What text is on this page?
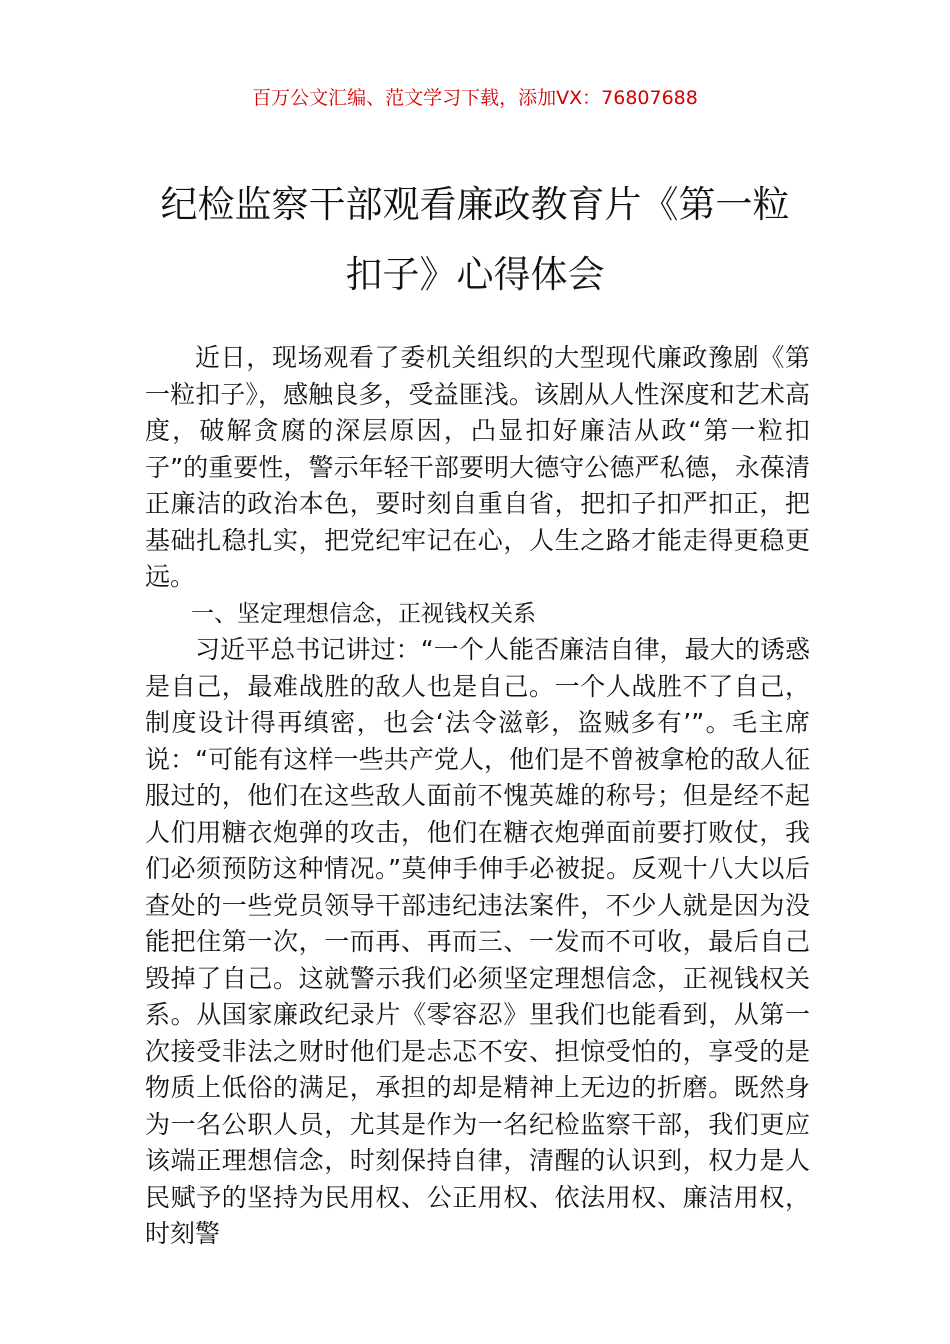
百万公文汇编、范文学习下载，添加VX：76807688
纪检监察干部观看廉政教育片《第一粒扣子》心得体会

近日，现场观看了委机关组织的大型现代廉政豫剧《第一粒扣子》，感触良多，受益匪浅。该剧从人性深度和艺术高度，破解贪腐的深层原因，凸显扣好廉洁从政“第一粒扣子”的重要性，警示年轻干部要明大德守公德严私德，永葆清正廉洁的政治本色，要时刻自重自省，把扣子扣严扣正，把基础扎稳扎实，把党纪牢记在心，人生之路才能走得更稳更远。

一、坚定理想信念，正视钱权关系

习近平总书记讲过：“一个人能否廉洁自律，最大的诱惑是自己，最难战胜的敌人也是自己。一个人战胜不了自己，制度设计得再缜密，也会‘法令滋彰，盗贼多有’”。毛主席说：“可能有这样一些共产党人，他们是不曾被拿枪的敌人征服过的，他们在这些敌人面前不愧英雄的称号；但是经不起人们用糖衣炮弹的攻击，他们在糖衣炮弹面前要打败仗，我们必须预防这种情况。”莫伸手伸手必被捉。反观十八大以后查处的一些党员领导干部违纪违法案件，不少人就是因为没能把住第一次，一而再、再而三、一发而不可收，最后自己毁掉了自己。这就警示我们必须坚定理想信念，正视钱权关系。从国家廉政纪录片《零容忍》里我们也能看到，从第一次接受非法之财时他们是忐忑不安、担惊受怕的，享受的是物质上低俗的满足，承担的却是精神上无边的折磨。既然身为一名公职人员，尤其是作为一名纪检监察干部，我们更应该端正理想信念，时刻保持自律，清醒的认识到，权力是人民赋予的坚持为民用权、公正用权、依法用权、廉洁用权，时刻警
